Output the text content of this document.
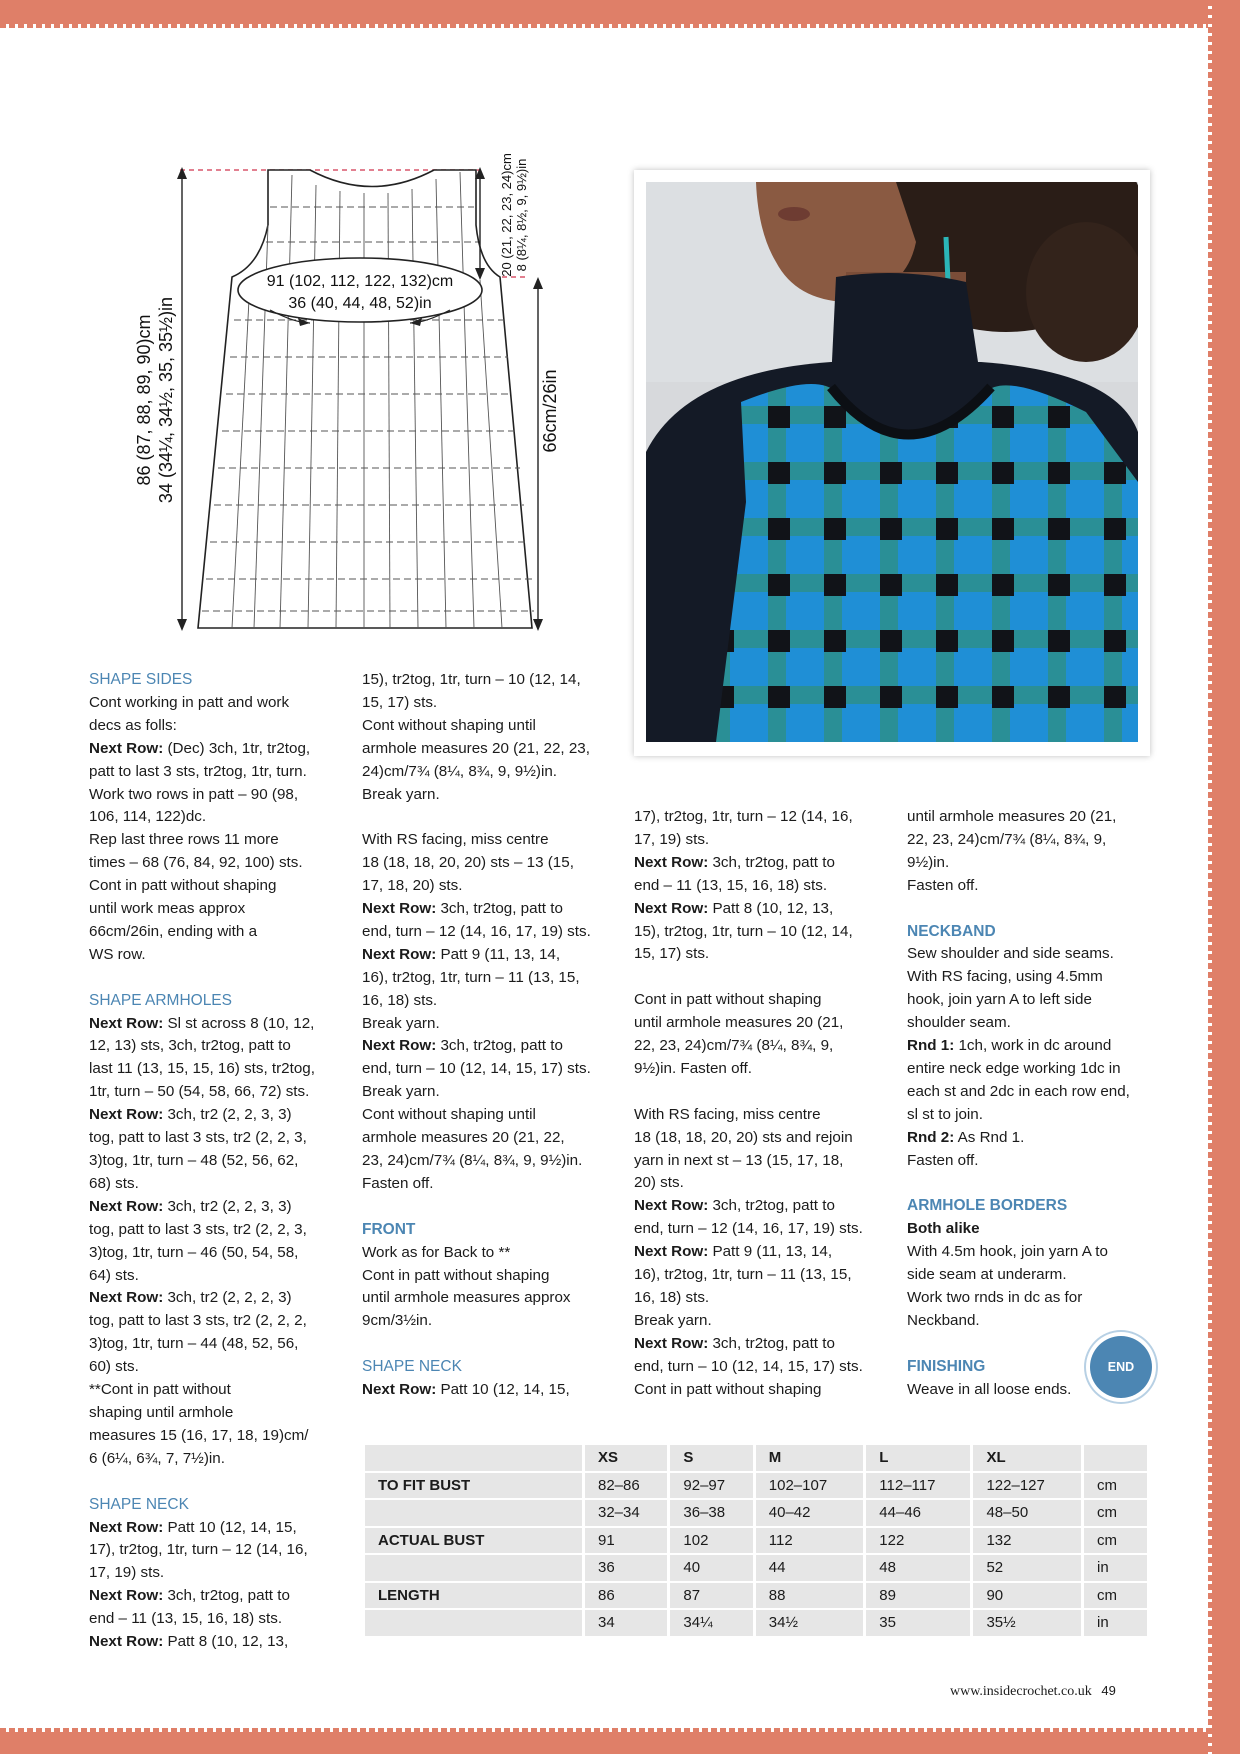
91 (102, 112, 122, 132)cm
36 (40, 44, 48, 52)in
86 (87, 88, 89, 90)cm 34 (34¼, 34½, 35, 35½)in
20 (21, 22, 23, 24)cm 8 (8¼, 8½, 9, 9½)in
66cm/26in

SHAPE SIDES

Cont working in patt and work
decs as folls:

Next Row: (Dec) 3ch, 1tr, tr2tog,
patt to last 3 sts, tr2tog, 1tr, turn.
Work two rows in patt – 90 (98,
106, 114, 122)dc.
Rep last three rows 11 more
times – 68 (76, 84, 92, 100) sts.
Cont in patt without shaping
until work meas approx
66cm/26in, ending with a
WS row.

SHAPE ARMHOLES

Next Row: Sl st across 8 (10, 12,
12, 13) sts, 3ch, tr2tog, patt to
last 11 (13, 15, 15, 16) sts, tr2tog,
1tr, turn – 50 (54, 58, 66, 72) sts.

Next Row: 3ch, tr2 (2, 2, 3, 3)
tog, patt to last 3 sts, tr2 (2, 2, 3,
3)tog, 1tr, turn – 48 (52, 56, 62,
68) sts.

Next Row: 3ch, tr2 (2, 2, 3, 3)
tog, patt to last 3 sts, tr2 (2, 2, 3,
3)tog, 1tr, turn – 46 (50, 54, 58,
64) sts.

Next Row: 3ch, tr2 (2, 2, 2, 3)
tog, patt to last 3 sts, tr2 (2, 2, 2,
3)tog, 1tr, turn – 44 (48, 52, 56,
60) sts.

**Cont in patt without
shaping until armhole
measures 15 (16, 17, 18, 19)cm/
6 (6¼, 6¾, 7, 7½)in.

SHAPE NECK

Next Row: Patt 10 (12, 14, 15,
17), tr2tog, 1tr, turn – 12 (14, 16,
17, 19) sts.

Next Row: 3ch, tr2tog, patt to
end – 11 (13, 15, 16, 18) sts.

Next Row: Patt 8 (10, 12, 13,

15), tr2tog, 1tr, turn – 10 (12, 14,
15, 17) sts.
Cont without shaping until
armhole measures 20 (21, 22, 23,
24)cm/7¾ (8¼, 8¾, 9, 9½)in.
Break yarn.

With RS facing, miss centre
18 (18, 18, 20, 20) sts – 13 (15,
17, 18, 20) sts.

Next Row: 3ch, tr2tog, patt to
end, turn – 12 (14, 16, 17, 19) sts.

Next Row: Patt 9 (11, 13, 14,
16), tr2tog, 1tr, turn – 11 (13, 15,
16, 18) sts.
Break yarn.

Next Row: 3ch, tr2tog, patt to
end, turn – 10 (12, 14, 15, 17) sts.
Break yarn.
Cont without shaping until
armhole measures 20 (21, 22,
23, 24)cm/7¾ (8¼, 8¾, 9, 9½)in.
Fasten off.

FRONT

Work as for Back to **
Cont in patt without shaping
until armhole measures approx
9cm/3½in.

SHAPE NECK

Next Row: Patt 10 (12, 14, 15,

17), tr2tog, 1tr, turn – 12 (14, 16,
17, 19) sts.

Next Row: 3ch, tr2tog, patt to
end – 11 (13, 15, 16, 18) sts.

Next Row: Patt 8 (10, 12, 13,
15), tr2tog, 1tr, turn – 10 (12, 14,
15, 17) sts.

Cont in patt without shaping
until armhole measures 20 (21,
22, 23, 24)cm/7¾ (8¼, 8¾, 9,
9½)in. Fasten off.

With RS facing, miss centre
18 (18, 18, 20, 20) sts and rejoin
yarn in next st – 13 (15, 17, 18,
20) sts.

Next Row: 3ch, tr2tog, patt to
end, turn – 12 (14, 16, 17, 19) sts.

Next Row: Patt 9 (11, 13, 14,
16), tr2tog, 1tr, turn – 11 (13, 15,
16, 18) sts.
Break yarn.

Next Row: 3ch, tr2tog, patt to
end, turn – 10 (12, 14, 15, 17) sts.
Cont in patt without shaping

until armhole measures 20 (21,
22, 23, 24)cm/7¾ (8¼, 8¾, 9,
9½)in.
Fasten off.

NECKBAND

Sew shoulder and side seams.
With RS facing, using 4.5mm
hook, join yarn A to left side
shoulder seam.

Rnd 1: 1ch, work in dc around
entire neck edge working 1dc in
each st and 2dc in each row end,
sl st to join.

Rnd 2: As Rnd 1.
Fasten off.

ARMHOLE BORDERS

Both alike

With 4.5m hook, join yarn A to
side seam at underarm.
Work two rnds in dc as for
Neckband.

FINISHING

Weave in all loose ends.

END
	XS	S	M	L	XL	
TO FIT BUST	82–86	92–97	102–107	112–117	122–127	cm
	32–34	36–38	40–42	44–46	48–50	cm
ACTUAL BUST	91	102	112	122	132	cm
	36	40	44	48	52	in
LENGTH	86	87	88	89	90	cm
	34	34¼	34½	35	35½	in
www.insidecrochet.co.uk 49
